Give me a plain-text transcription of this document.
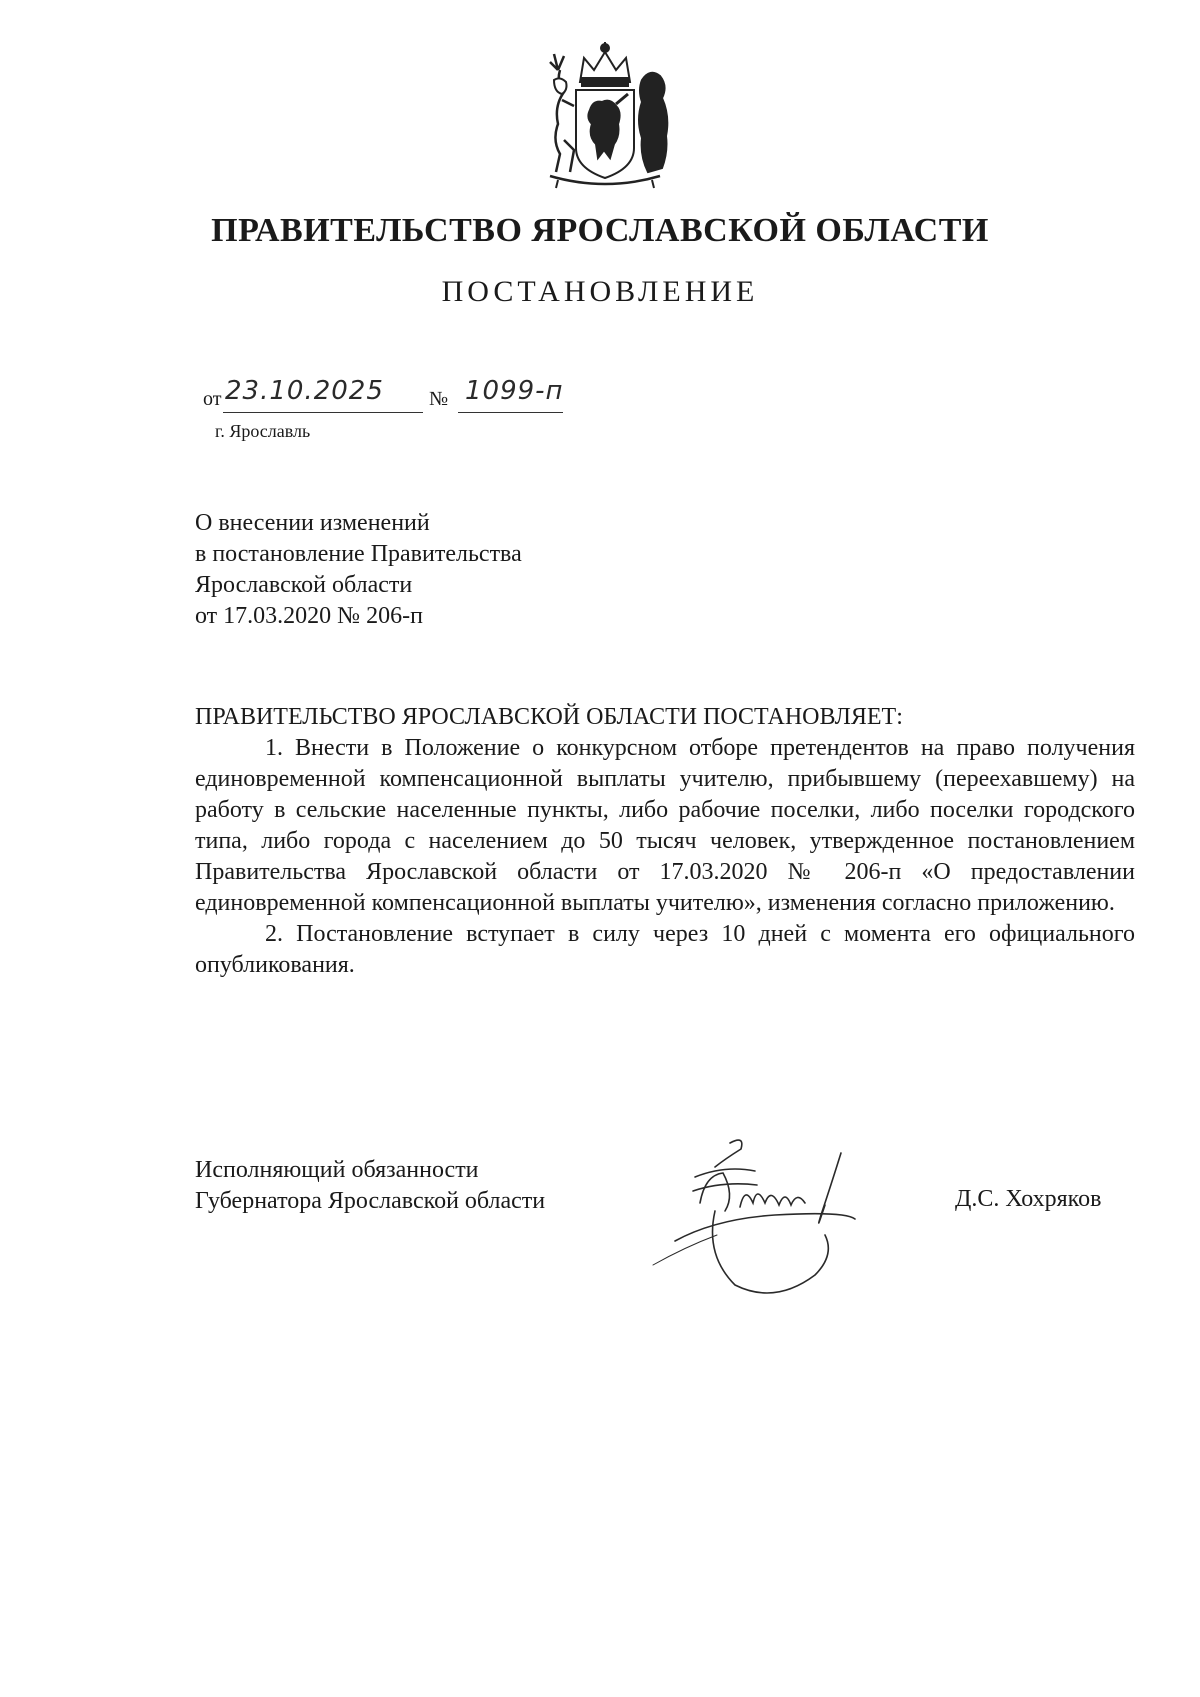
ПРАВИТЕЛЬСТВО ЯРОСЛАВСКОЙ ОБЛАСТИ
ПОСТАНОВЛЕНИЕ
от 23.10.2025 № 1099-п
г. Ярославль
О внесении изменений
в постановление Правительства
Ярославской области
от 17.03.2020 № 206-п
ПРАВИТЕЛЬСТВО ЯРОСЛАВСКОЙ ОБЛАСТИ ПОСТАНОВЛЯЕТ:

1. Внести в Положение о конкурсном отборе претендентов на право получения единовременной компенсационной выплаты учителю, прибывшему (переехавшему) на работу в сельские населенные пункты, либо рабочие поселки, либо поселки городского типа, либо города с населением до 50 тысяч человек, утвержденное постановлением Правительства Ярославской области от 17.03.2020 № 206-п «О предоставлении единовременной компенсационной выплаты учителю», изменения согласно приложению.

2. Постановление вступает в силу через 10 дней с момента его официального опубликования.

Исполняющий обязанности
Губернатора Ярославской области	Д.С. Хохряков
